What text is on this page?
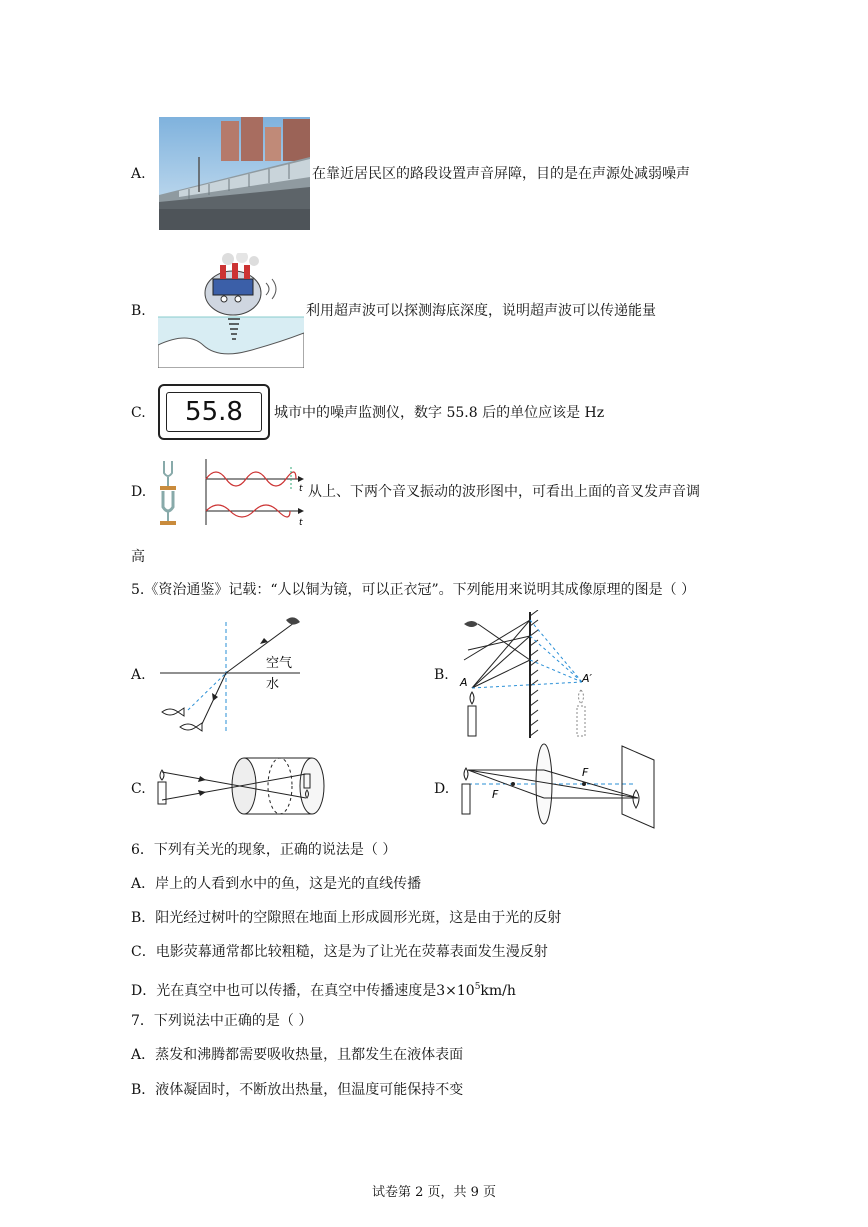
A.	在靠近居民区的路段设置声音屏障，目的是在声源处减弱噪声
B.	利用超声波可以探测海底深度，说明超声波可以传递能量
C.	55.8	城市中的噪声监测仪，数字 55.8 后的单位应该是 Hz
D.	t
t
从上、下两个音叉振动的波形图中，可看出上面的音叉发声音调
高
5.《资治通鉴》记载：“人以铜为镜，可以正衣冠”。下列能用来说明其成像原理的图是（ ）
A.
空气
水
B. A	A′
C.	D.	F
F
6．下列有关光的现象，正确的说法是（ ）
A．岸上的人看到水中的鱼，这是光的直线传播
B．阳光经过树叶的空隙照在地面上形成圆形光斑，这是由于光的反射
C．电影荧幕通常都比较粗糙，这是为了让光在荧幕表面发生漫反射
D．光在真空中也可以传播，在真空中传播速度是$3\times 10^5km/h$
7．下列说法中正确的是（ ）
A．蒸发和沸腾都需要吸收热量，且都发生在液体表面
B．液体凝固时，不断放出热量，但温度可能保持不变
试卷第 2 页，共 9 页
